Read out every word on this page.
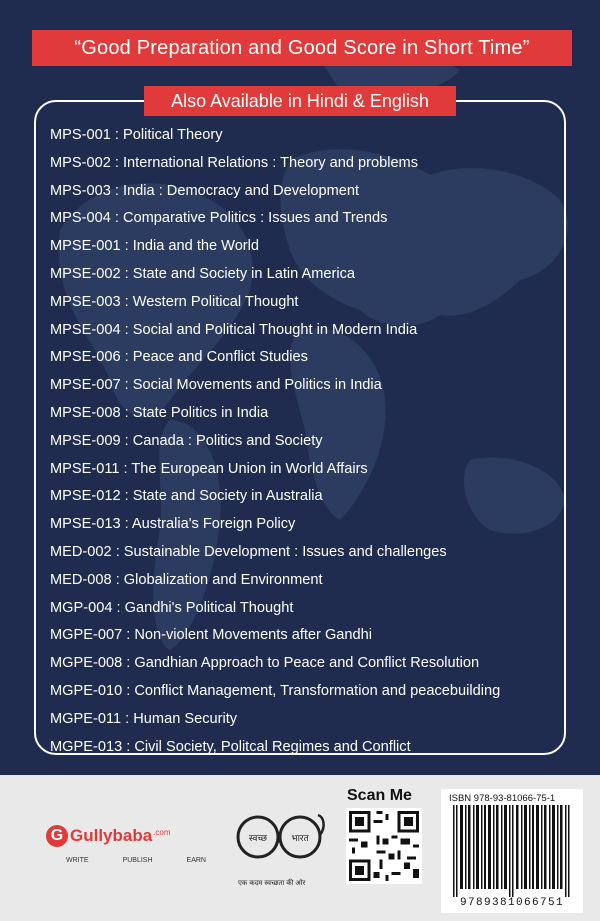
“Good Preparation and Good Score in Short Time”
Also Available in Hindi & English
MPS-001 : Political Theory
MPS-002 : International Relations : Theory and problems
MPS-003 : India : Democracy and Development
MPS-004 : Comparative Politics : Issues and Trends
MPSE-001 : India and the World
MPSE-002 : State and Society in Latin America
MPSE-003 : Western Political Thought
MPSE-004 : Social and Political Thought in Modern India
MPSE-006 : Peace and Conflict Studies
MPSE-007 : Social Movements and Politics in India
MPSE-008 : State Politics in India
MPSE-009 : Canada : Politics and Society
MPSE-011 : The European Union in World Affairs
MPSE-012 : State and Society in Australia
MPSE-013 : Australia's Foreign Policy
MED-002 : Sustainable Development : Issues and challenges
MED-008 : Globalization and Environment
MGP-004 : Gandhi's Political Thought
MGPE-007 : Non-violent Movements after Gandhi
MGPE-008 : Gandhian Approach to Peace and Conflict Resolution
MGPE-010 : Conflict Management, Transformation and peacebuilding
MGPE-011 : Human Security
MGPE-013 : Civil Society, Politcal Regimes and Conflict
G Gullybaba .com
WRITE	PUBLISH	EARN
स्वच्छ	भारत
एक कदम स्वच्छता की ओर
Scan Me	ISBN 978-93-81066-75-1
9789381066751
